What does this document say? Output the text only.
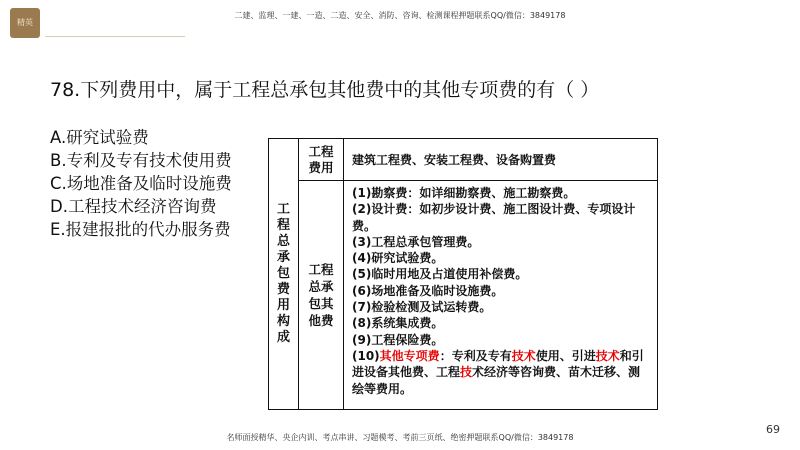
精英
二建、监理、一建、一造、二造、安全、消防、咨询、检测课程押题联系QQ/微信：3849178
78.下列费用中，属于工程总承包其他费中的其他专项费的有（ ）
A.研究试验费
B.专利及专有技术使用费
C.场地准备及临时设施费
D.工程技术经济咨询费
E.报建报批的代办服务费
工程总承包费用构成
工程费用	建筑工程费、安装工程费、设备购置费
工程总承包其他费
(1)勘察费：如详细勘察费、施工勘察费。
(2)设计费：如初步设计费、施工图设计费、专项设计费。
(3)工程总承包管理费。
(4)研究试验费。
(5)临时用地及占道使用补偿费。
(6)场地准备及临时设施费。
(7)检验检测及试运转费。
(8)系统集成费。
(9)工程保险费。
(10)其他专项费：专利及专有技术使用、引进技术和引进设备其他费、工程技术经济等咨询费、苗木迁移、测绘等费用。
69
名师面授精华、央企内训、考点串讲、习题模考、考前三页纸、绝密押题联系QQ/微信：3849178
